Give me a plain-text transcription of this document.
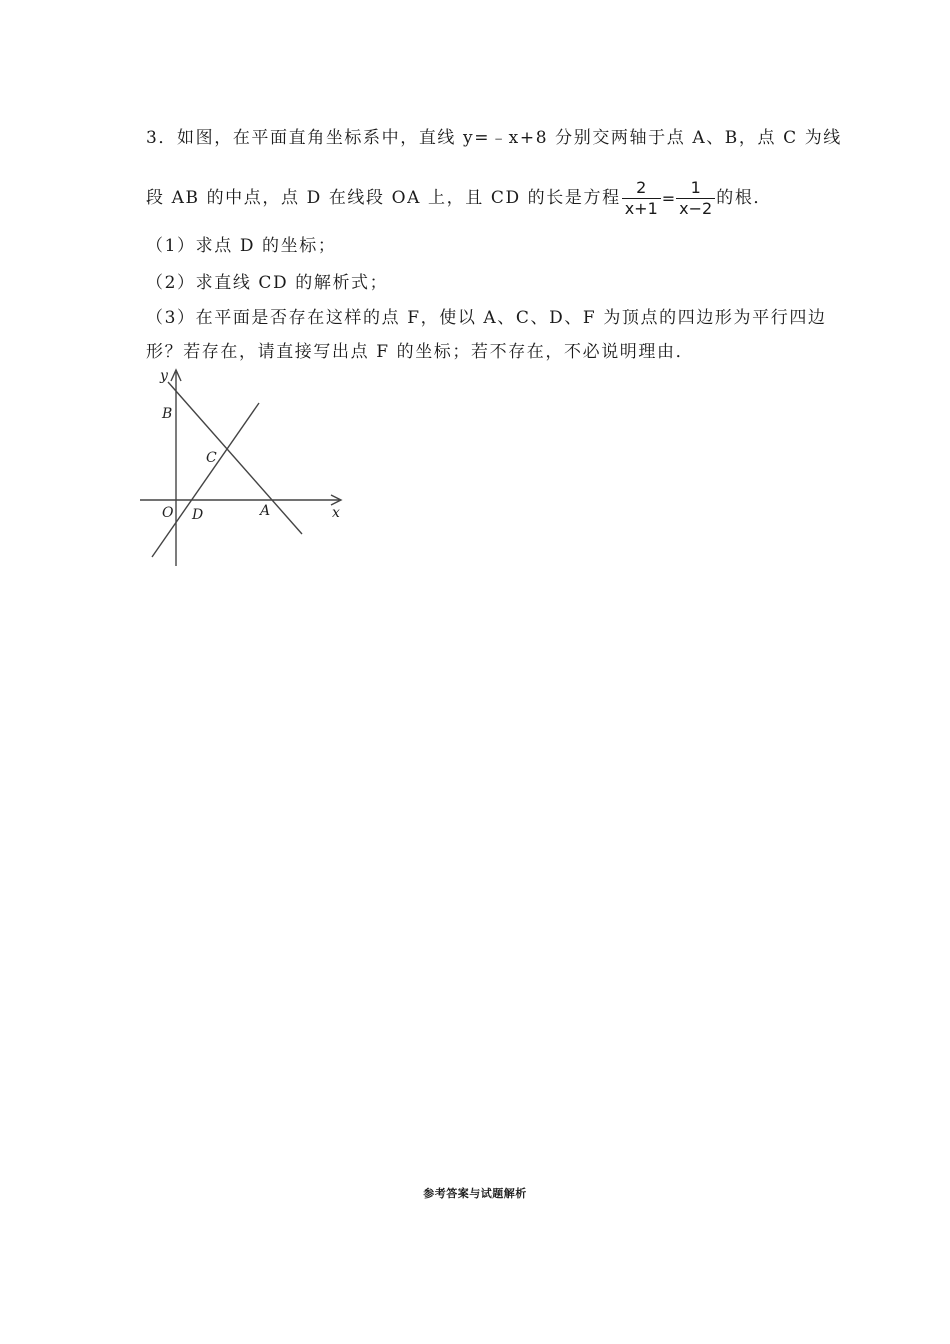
3．如图，在平面直角坐标系中，直线 y=﹣x+8 分别交两轴于点 A、B，点 C 为线
段 AB 的中点，点 D 在线段 OA 上，且 CD 的长是方程 $\frac{2}{x+1} = \frac{1}{x-2}$ 的根．
（1）求点 D 的坐标；
（2）求直线 CD 的解析式；
（3）在平面是否存在这样的点 F，使以 A、C、D、F 为顶点的四边形为平行四边
形？若存在，请直接写出点 F 的坐标；若不存在，不必说明理由．
y
x
B
C
O D	A
参考答案与试题解析
